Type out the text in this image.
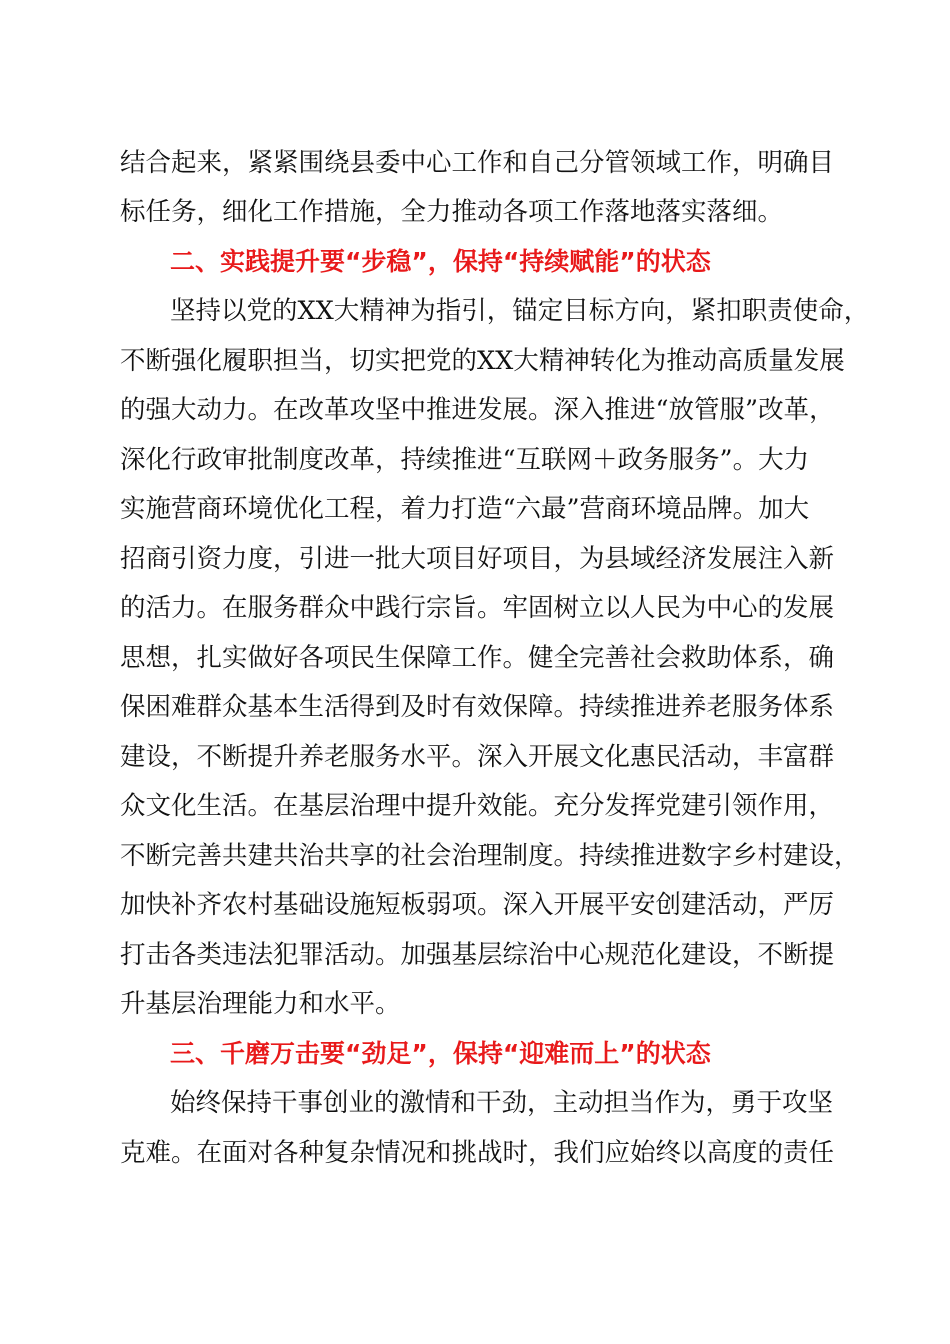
结合起来，紧紧围绕县委中心工作和自己分管领域工作，明确目
标任务，细化工作措施，全力推动各项工作落地落实落细。
二、实践提升要“步稳”，保持“持续赋能”的状态
坚持以党的XX大精神为指引，锚定目标方向，紧扣职责使命，
不断强化履职担当，切实把党的XX大精神转化为推动高质量发展
的强大动力。在改革攻坚中推进发展。深入推进“放管服”改革，
深化行政审批制度改革，持续推进“互联网＋政务服务”。大力
实施营商环境优化工程，着力打造“六最”营商环境品牌。加大
招商引资力度，引进一批大项目好项目，为县域经济发展注入新
的活力。在服务群众中践行宗旨。牢固树立以人民为中心的发展
思想，扎实做好各项民生保障工作。健全完善社会救助体系，确
保困难群众基本生活得到及时有效保障。持续推进养老服务体系
建设，不断提升养老服务水平。深入开展文化惠民活动，丰富群
众文化生活。在基层治理中提升效能。充分发挥党建引领作用，
不断完善共建共治共享的社会治理制度。持续推进数字乡村建设，
加快补齐农村基础设施短板弱项。深入开展平安创建活动，严厉
打击各类违法犯罪活动。加强基层综治中心规范化建设，不断提
升基层治理能力和水平。
三、千磨万击要“劲足”，保持“迎难而上”的状态
始终保持干事创业的激情和干劲，主动担当作为，勇于攻坚
克难。在面对各种复杂情况和挑战时，我们应始终以高度的责任
